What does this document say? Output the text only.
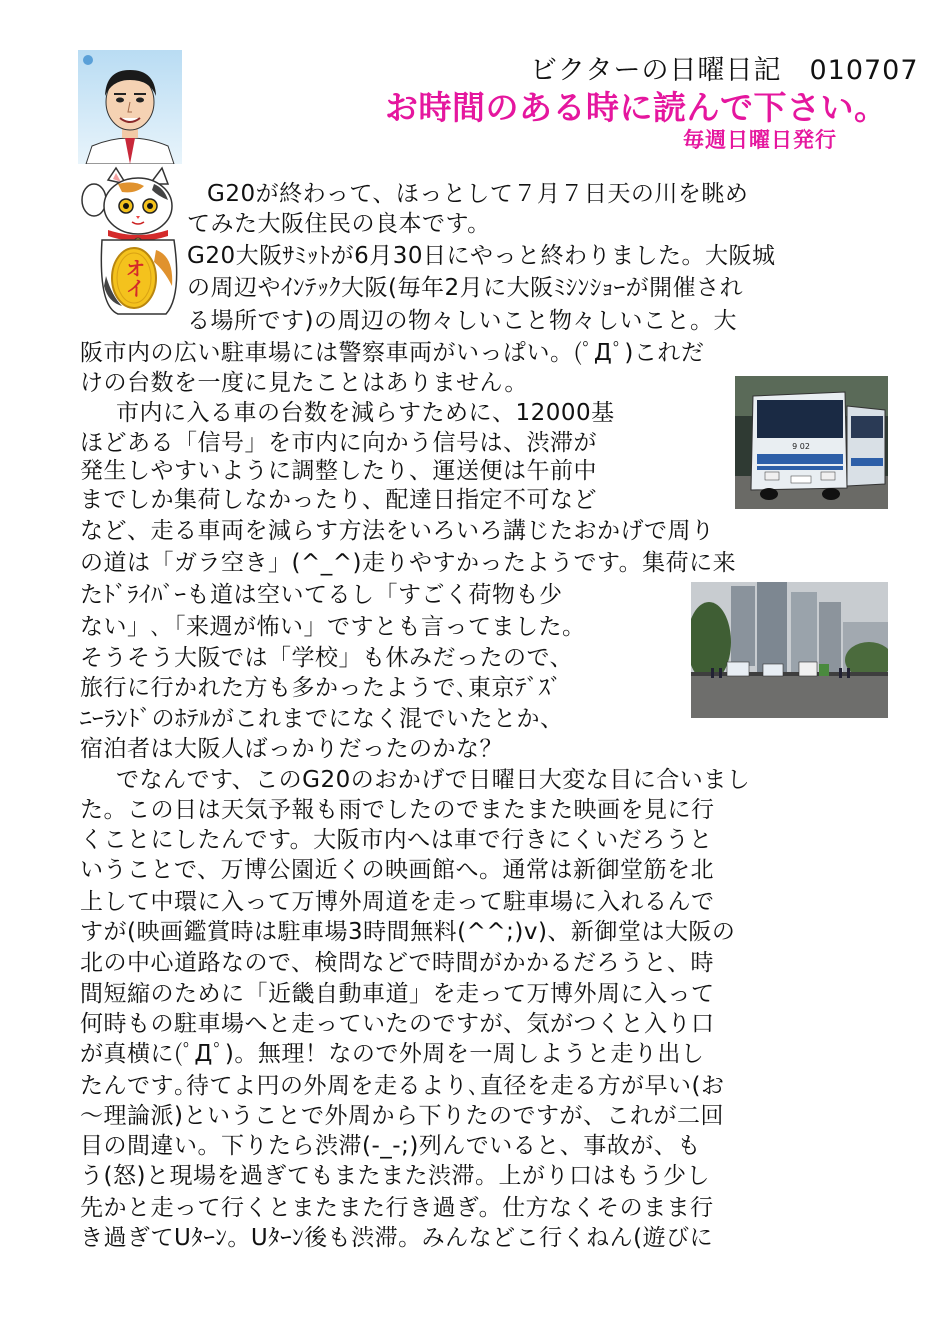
ビクターの日曜日記　010707
お時間のある時に読んで下さい。
毎週日曜日発行
オイ
9 02
G20が終わって、ほっとして７月７日天の川を眺め
てみた大阪住民の良本です。
G20大阪ｻﾐｯﾄが6月30日にやっと終わりました。大阪城
の周辺やｲﾝﾃｯｸ大阪(毎年2月に大阪ﾐｼﾝｼｮｰが開催され
る場所です)の周辺の物々しいこと物々しいこと。大
阪市内の広い駐車場には警察車両がいっぱい。(ﾟДﾟ)これだ
けの台数を一度に見たことはありません。
市内に入る車の台数を減らすために、12000基
ほどある「信号」を市内に向かう信号は、渋滞が
発生しやすいように調整したり、運送便は午前中
までしか集荷しなかったり、配達日指定不可など
など、走る車両を減らす方法をいろいろ講じたおかげで周り
の道は「ガラ空き」(^_^)走りやすかったようです。集荷に来
たﾄﾞﾗｲﾊﾞｰも道は空いてるし「すごく荷物も少
ない」､「来週が怖い」ですとも言ってました。
そうそう大阪では「学校」も休みだったので、
旅行に行かれた方も多かったようで､東京ﾃﾞｽﾞ
ﾆｰﾗﾝﾄﾞのﾎﾃﾙがこれまでになく混でいたとか、
宿泊者は大阪人ばっかりだったのかな？
でなんです、このG20のおかげで日曜日大変な目に合いまし
た。この日は天気予報も雨でしたのでまたまた映画を見に行
くことにしたんです。大阪市内へは車で行きにくいだろうと
いうことで、万博公園近くの映画館へ。通常は新御堂筋を北
上して中環に入って万博外周道を走って駐車場に入れるんで
すが(映画鑑賞時は駐車場3時間無料(^^;)v)、新御堂は大阪の
北の中心道路なので、検問などで時間がかかるだろうと、時
間短縮のために「近畿自動車道」を走って万博外周に入って
何時もの駐車場へと走っていたのですが、気がつくと入り口
が真横に(ﾟДﾟ)。無理！なので外周を一周しようと走り出し
たんです｡待てよ円の外周を走るより､直径を走る方が早い(お
～理論派)ということで外周から下りたのですが、これが二回
目の間違い。下りたら渋滞(-_-;)列んでいると、事故が、も
う(怒)と現場を過ぎてもまたまた渋滞。上がり口はもう少し
先かと走って行くとまたまた行き過ぎ。仕方なくそのまま行
き過ぎてUﾀｰﾝ。Uﾀｰﾝ後も渋滞。みんなどこ行くねん(遊びに
